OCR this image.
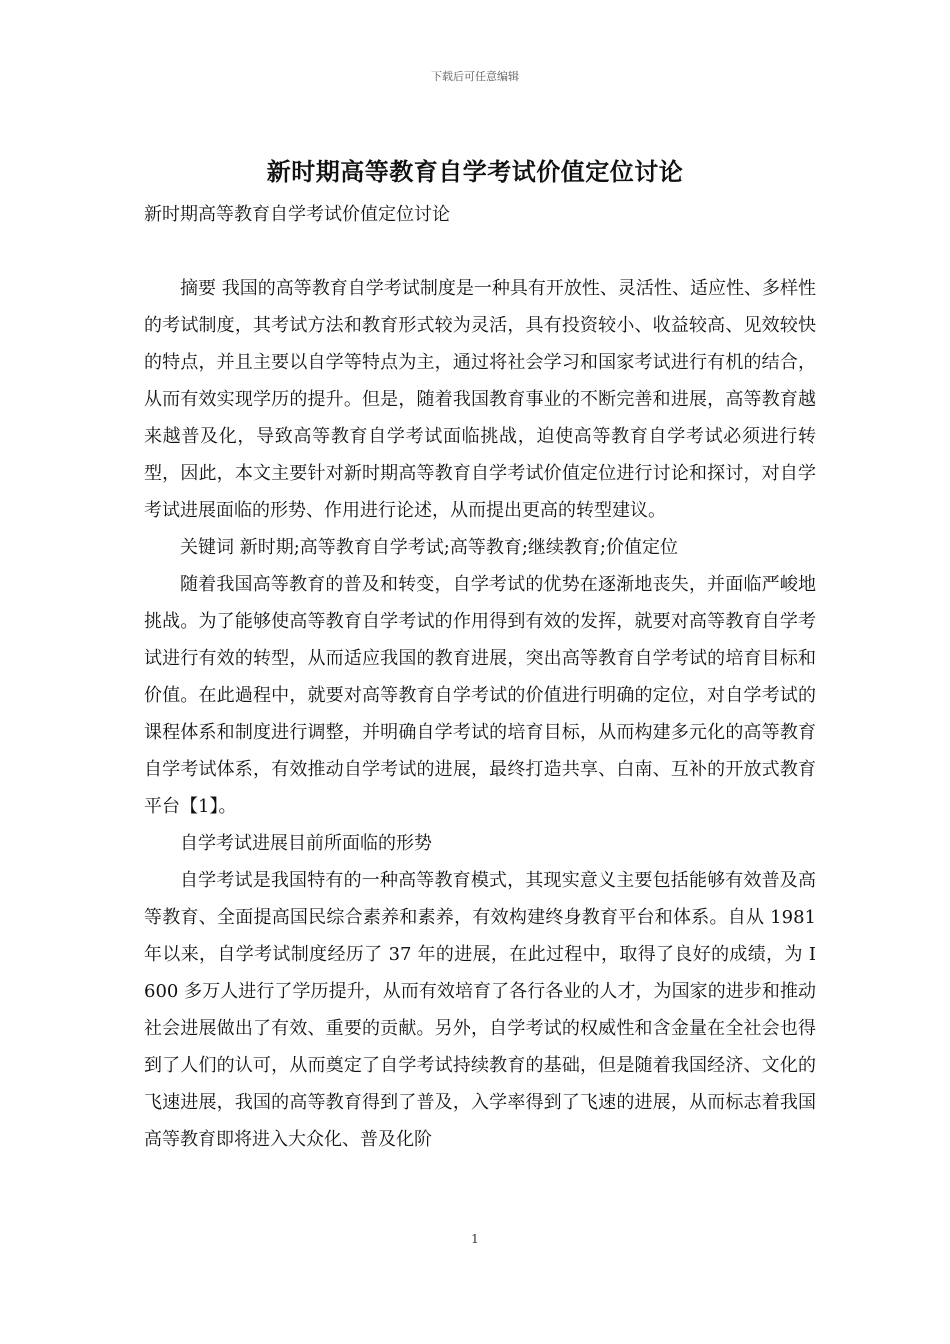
下载后可任意编辑
新时期高等教育自学考试价值定位讨论

新时期高等教育自学考试价值定位讨论

摘要 我国的高等教育自学考试制度是一种具有开放性、灵活性、适应性、多样性的考试制度，其考试方法和教育形式较为灵活，具有投资较小、收益较高、见效较快的特点，并且主要以自学等特点为主，通过将社会学习和国家考试进行有机的结合，从而有效实现学历的提升。但是，随着我国教育事业的不断完善和进展，高等教育越来越普及化，导致高等教育自学考试面临挑战，迫使高等教育自学考试必须进行转型，因此，本文主要针对新时期高等教育自学考试价值定位进行讨论和探讨，对自学考试进展面临的形势、作用进行论述，从而提出更高的转型建议。

关键词 新时期;高等教育自学考试;高等教育;继续教育;价值定位

随着我国高等教育的普及和转变，自学考试的优势在逐渐地丧失，并面临严峻地挑战。为了能够使高等教育自学考试的作用得到有效的发挥，就要对高等教育自学考试进行有效的转型，从而适应我国的教育进展，突出高等教育自学考试的培育目标和价值。在此過程中，就要对高等教育自学考试的价值进行明确的定位，对自学考试的课程体系和制度进行调整，并明确自学考试的培育目标，从而构建多元化的高等教育自学考试体系，有效推动自学考试的进展，最终打造共享、白南、互补的开放式教育平台【1】。

自学考试进展目前所面临的形势

自学考试是我国特有的一种高等教育模式，其现实意义主要包括能够有效普及高等教育、全面提高国民综合素养和素养，有效构建终身教育平台和体系。自从 1981 年以来，自学考试制度经历了 37 年的进展，在此过程中，取得了良好的成绩，为 I 600 多万人进行了学历提升，从而有效培育了各行各业的人才，为国家的进步和推动社会进展做出了有效、重要的贡献。另外，自学考试的权威性和含金量在全社会也得到了人们的认可，从而奠定了自学考试持续教育的基础，但是随着我国经济、文化的飞速进展，我国的高等教育得到了普及，入学率得到了飞速的进展，从而标志着我国高等教育即将进入大众化、普及化阶

1
